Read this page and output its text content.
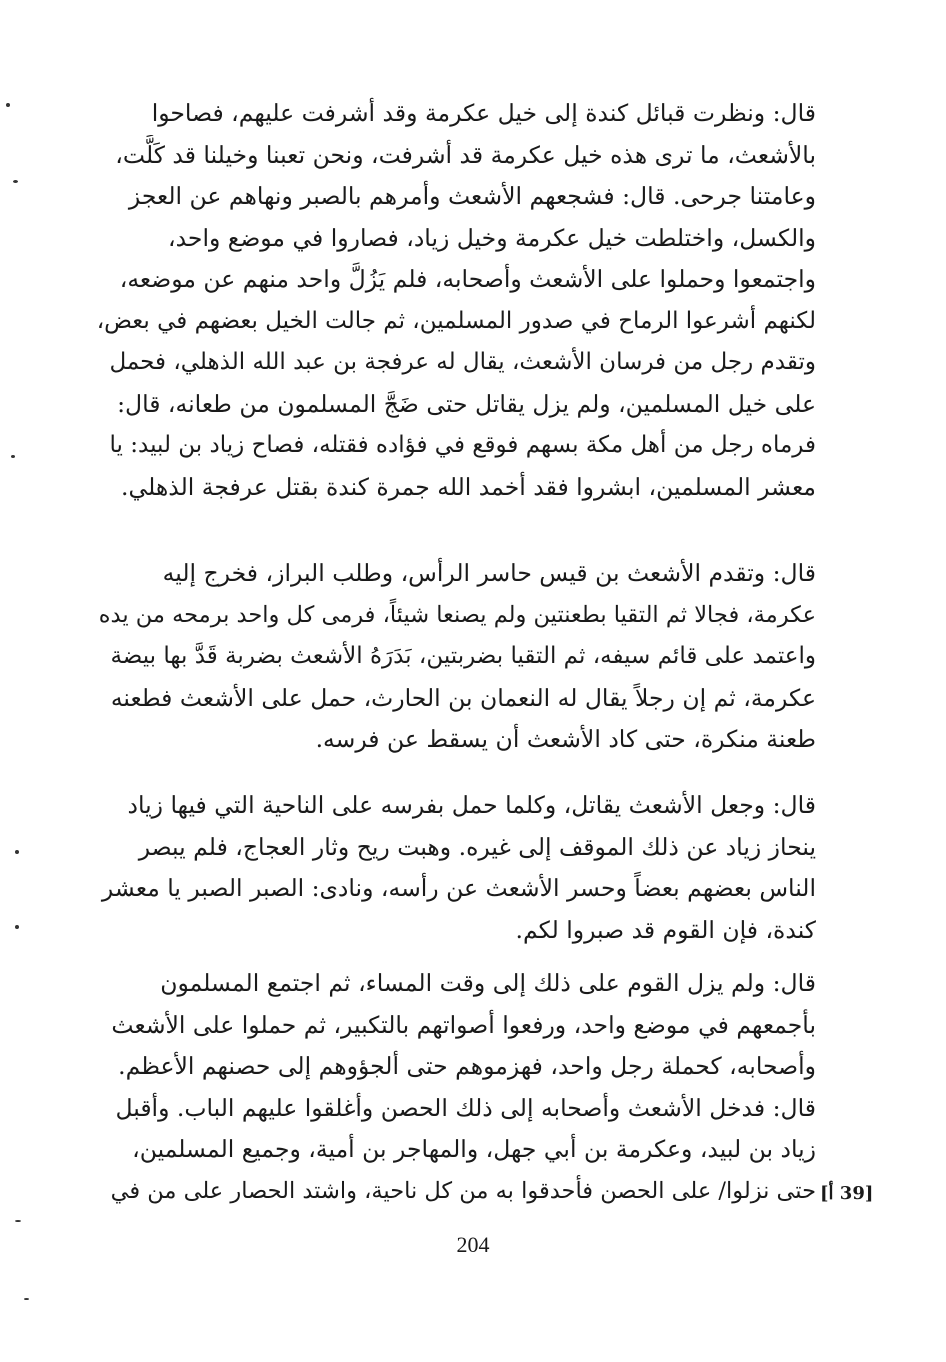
قال: ونظرت قبائل كندة إلى خيل عكرمة وقد أشرفت عليهم، فصاحوا
بالأشعث، ما ترى هذه خيل عكرمة قد أشرفت، ونحن تعبنا وخيلنا قد كَلَّت،
وعامتنا جرحى. قال: فشجعهم الأشعث وأمرهم بالصبر ونهاهم عن العجز
والكسل، واختلطت خيل عكرمة وخيل زياد، فصاروا في موضع واحد،
واجتمعوا وحملوا على الأشعث وأصحابه، فلم يَزُلَّ واحد منهم عن موضعه،
لكنهم أشرعوا الرماح في صدور المسلمين، ثم جالت الخيل بعضهم في بعض،
وتقدم رجل من فرسان الأشعث، يقال له عرفجة بن عبد الله الذهلي، فحمل
على خيل المسلمين، ولم يزل يقاتل حتى ضَجَّ المسلمون من طعانه، قال:
فرماه رجل من أهل مكة بسهم فوقع في فؤاده فقتله، فصاح زياد بن لبيد: يا
معشر المسلمين، ابشروا فقد أخمد الله جمرة كندة بقتل عرفجة الذهلي.
قال: وتقدم الأشعث بن قيس حاسر الرأس، وطلب البراز، فخرج إليه
عكرمة، فجالا ثم التقيا بطعنتين ولم يصنعا شيئاً، فرمى كل واحد برمحه من يده
واعتمد على قائم سيفه، ثم التقيا بضربتين، بَدَرَهُ الأشعث بضربة قَدَّ بها بيضة
عكرمة، ثم إن رجلاً يقال له النعمان بن الحارث، حمل على الأشعث فطعنه
طعنة منكرة، حتى كاد الأشعث أن يسقط عن فرسه.
قال: وجعل الأشعث يقاتل، وكلما حمل بفرسه على الناحية التي فيها زياد
ينحاز زياد عن ذلك الموقف إلى غيره. وهبت ريح وثار العجاج، فلم يبصر
الناس بعضهم بعضاً وحسر الأشعث عن رأسه، ونادى: الصبر الصبر يا معشر
كندة، فإن القوم قد صبروا لكم.
قال: ولم يزل القوم على ذلك إلى وقت المساء، ثم اجتمع المسلمون
بأجمعهم في موضع واحد، ورفعوا أصواتهم بالتكبير، ثم حملوا على الأشعث
وأصحابه، كحملة رجل واحد، فهزموهم حتى ألجؤوهم إلى حصنهم الأعظم.
قال: فدخل الأشعث وأصحابه إلى ذلك الحصن وأغلقوا عليهم الباب. وأقبل
زياد بن لبيد، وعكرمة بن أبي جهل، والمهاجر بن أمية، وجميع المسلمين،
حتى نزلوا/ على الحصن فأحدقوا به من كل ناحية، واشتد الحصار على من في [39 أ]
204
